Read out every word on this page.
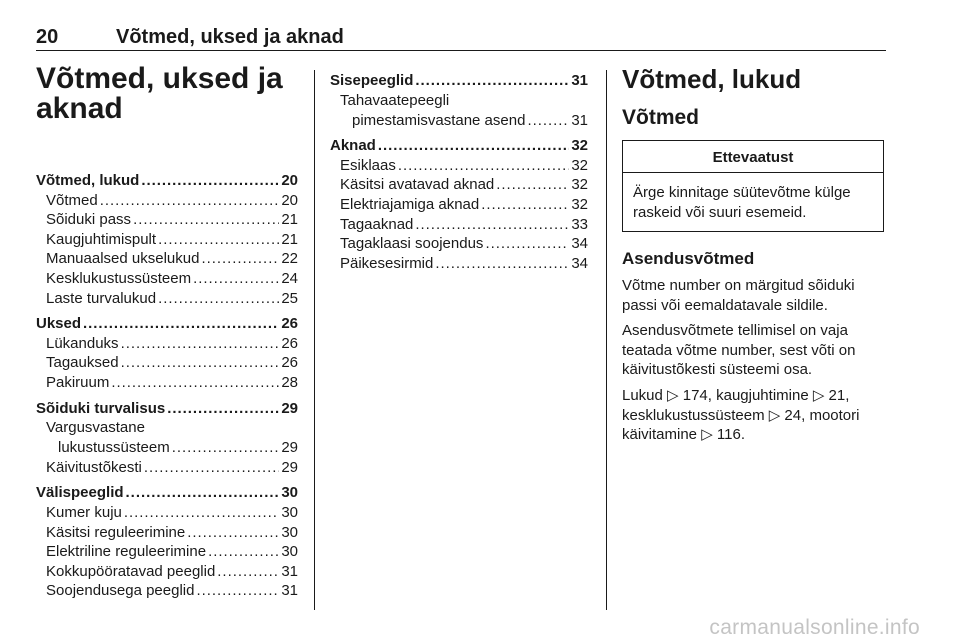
20	Võtmed, uksed ja aknad
Võtmed, uksed ja aknad
Võtmed, lukud . . .	20
Võtmed . . .	20
Sõiduki pass . . .	21
Kaugjuhtimispult . . .	21
Manuaalsed ukselukud . . .	22
Kesklukustussüsteem . . .	24
Laste turvalukud . . .	25
Uksed . . .	26
Lükanduks . . .	26
Tagauksed . . .	26
Pakiruum . . .	28
Sõiduki turvalisus . . .	29
Vargusvastane
lukustussüsteem . . .	29
Käivitustõkesti . . .	29
Välispeeglid . . .	30
Kumer kuju . . .	30
Käsitsi reguleerimine . . .	30
Elektriline reguleerimine . . .	30
Kokkupööratavad peeglid . . .	31
Soojendusega peeglid . . .	31
Sisepeeglid . . .	31
Tahavaatepeegli
pimestamisvastane asend . . .	31
Aknad . . .	32
Esiklaas . . .	32
Käsitsi avatavad aknad . . .	32
Elektriajamiga aknad . . .	32
Tagaaknad . . .	33
Tagaklaasi soojendus . . .	34
Päikesesirmid . . .	34
Võtmed, lukud
Võtmed
Ettevaatust
Ärge kinnitage süütevõtme külge raskeid või suuri esemeid.
Asendusvõtmed

Võtme number on märgitud sõiduki passi või eemaldatavale sildile.

Asendusvõtmete tellimisel on vaja teatada võtme number, sest võti on käivitustõkesti süsteemi osa.

Lukud ▷ 174, kaugjuhtimine ▷ 21, kesklukustussüsteem ▷ 24, mootori käivitamine ▷ 116.

carmanualsonline.info
